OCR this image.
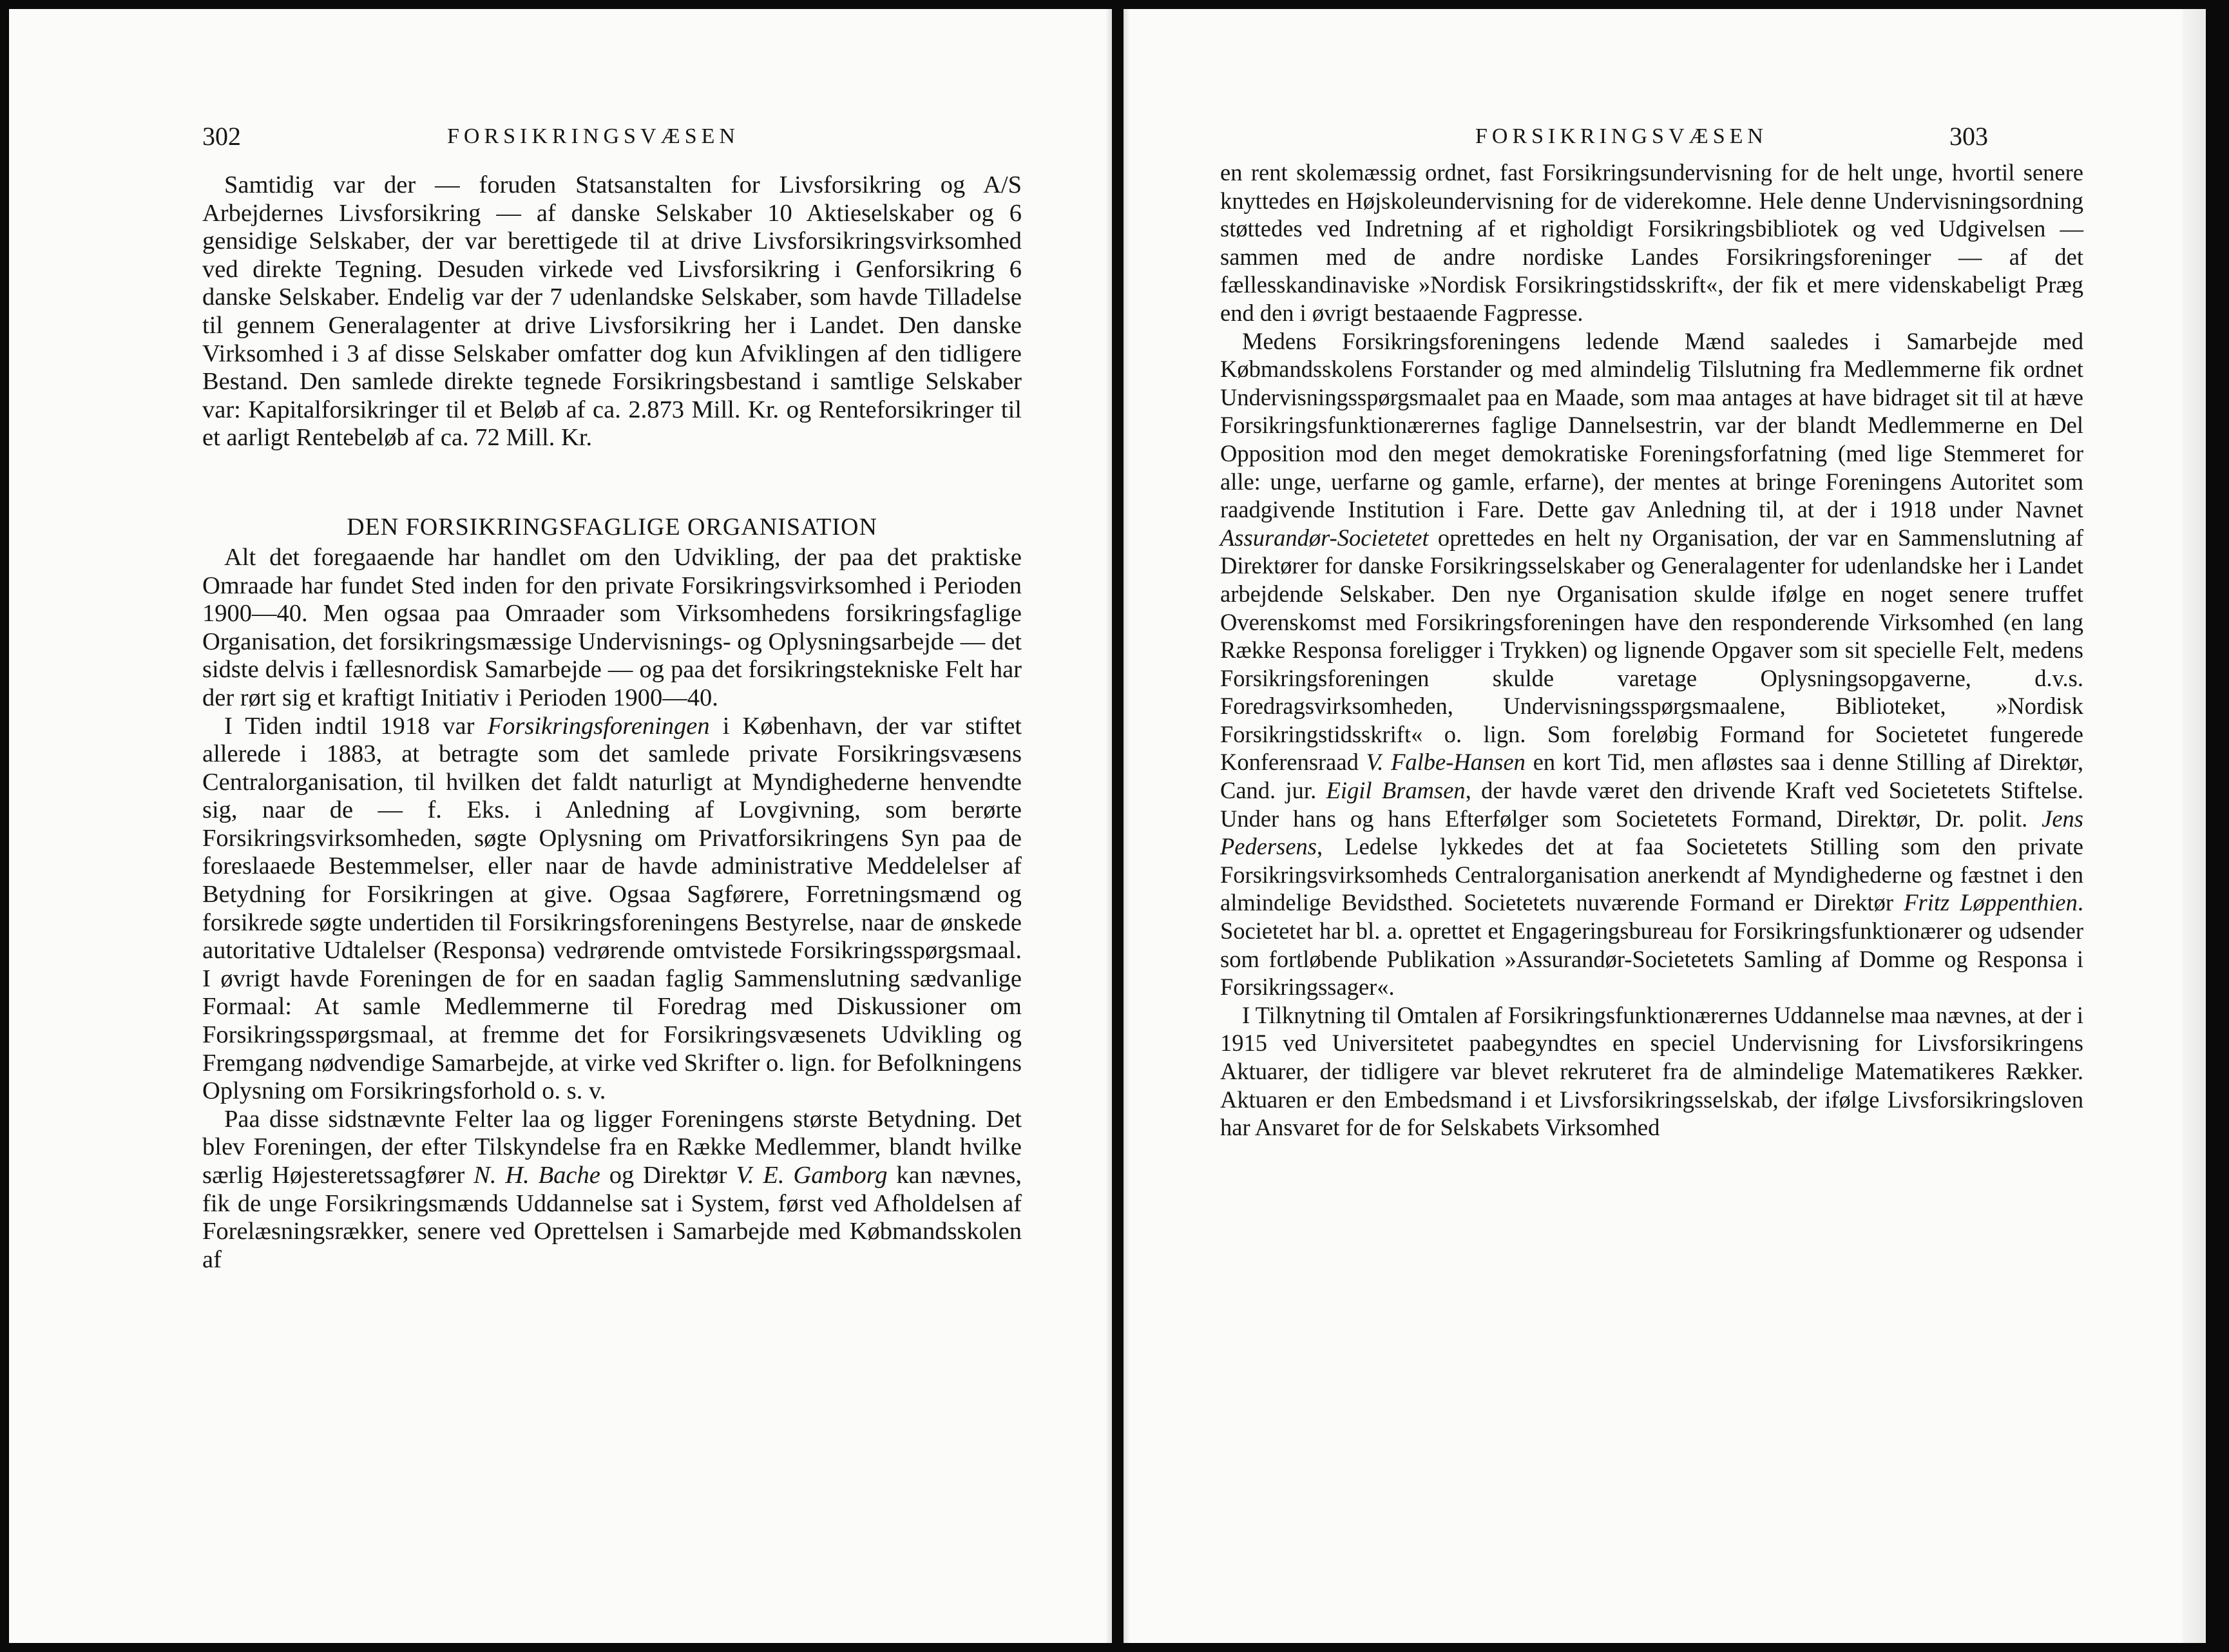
302	FORSIKRINGSVÆSEN

Samtidig var der — foruden Statsanstalten for Livsforsikring og A/S Arbejdernes Livsforsikring — af danske Selskaber 10 Aktieselskaber og 6 gensidige Selskaber, der var berettigede til at drive Livsforsikringsvirksomhed ved direkte Tegning. Desuden virkede ved Livsforsikring i Genforsikring 6 danske Selskaber. Endelig var der 7 udenlandske Selskaber, som havde Tilladelse til gennem Generalagenter at drive Livsforsikring her i Landet. Den danske Virksomhed i 3 af disse Selskaber omfatter dog kun Afviklingen af den tidligere Bestand. Den samlede direkte tegnede Forsikringsbestand i samtlige Selskaber var: Kapitalforsikringer til et Beløb af ca. 2.873 Mill. Kr. og Renteforsikringer til et aarligt Rentebeløb af ca. 72 Mill. Kr.

DEN FORSIKRINGSFAGLIGE ORGANISATION

Alt det foregaaende har handlet om den Udvikling, der paa det praktiske Omraade har fundet Sted inden for den private Forsikringsvirksomhed i Perioden 1900—40. Men ogsaa paa Omraader som Virksomhedens forsikringsfaglige Organisation, det forsikringsmæssige Undervisnings- og Oplysningsarbejde — det sidste delvis i fællesnordisk Samarbejde — og paa det forsikringstekniske Felt har der rørt sig et kraftigt Initiativ i Perioden 1900—40.

I Tiden indtil 1918 var Forsikringsforeningen i København, der var stiftet allerede i 1883, at betragte som det samlede private Forsikringsvæsens Centralorganisation, til hvilken det faldt naturligt at Myndighederne henvendte sig, naar de — f. Eks. i Anledning af Lovgivning, som berørte Forsikringsvirksomheden, søgte Oplysning om Privatforsikringens Syn paa de foreslaaede Bestemmelser, eller naar de havde administrative Meddelelser af Betydning for Forsikringen at give. Ogsaa Sagførere, Forretningsmænd og forsikrede søgte undertiden til Forsikringsforeningens Bestyrelse, naar de ønskede autoritative Udtalelser (Responsa) vedrørende omtvistede Forsikringsspørgsmaal. I øvrigt havde Foreningen de for en saadan faglig Sammenslutning sædvanlige Formaal: At samle Medlemmerne til Foredrag med Diskussioner om Forsikringsspørgsmaal, at fremme det for Forsikringsvæsenets Udvikling og Fremgang nødvendige Samarbejde, at virke ved Skrifter o. lign. for Befolkningens Oplysning om Forsikringsforhold o. s. v.

Paa disse sidstnævnte Felter laa og ligger Foreningens største Betydning. Det blev Foreningen, der efter Tilskyndelse fra en Række Medlemmer, blandt hvilke særlig Højesteretssagfører N. H. Bache og Direktør V. E. Gamborg kan nævnes, fik de unge Forsikringsmænds Uddannelse sat i System, først ved Afholdelsen af Forelæsningsrækker, senere ved Oprettelsen i Samarbejde med Købmandsskolen af

FORSIKRINGSVÆSEN	303

en rent skolemæssig ordnet, fast Forsikringsundervisning for de helt unge, hvortil senere knyttedes en Højskoleundervisning for de viderekomne. Hele denne Undervisningsordning støttedes ved Indretning af et righoldigt Forsikringsbibliotek og ved Udgivelsen — sammen med de andre nordiske Landes Forsikringsforeninger — af det fællesskandinaviske »Nordisk Forsikringstidsskrift«, der fik et mere videnskabeligt Præg end den i øvrigt bestaaende Fagpresse.

Medens Forsikringsforeningens ledende Mænd saaledes i Samarbejde med Købmandsskolens Forstander og med almindelig Tilslutning fra Medlemmerne fik ordnet Undervisningsspørgsmaalet paa en Maade, som maa antages at have bidraget sit til at hæve Forsikringsfunktionærernes faglige Dannelsestrin, var der blandt Medlemmerne en Del Opposition mod den meget demokratiske Foreningsforfatning (med lige Stemmeret for alle: unge, uerfarne og gamle, erfarne), der mentes at bringe Foreningens Autoritet som raadgivende Institution i Fare. Dette gav Anledning til, at der i 1918 under Navnet Assurandør-Societetet oprettedes en helt ny Organisation, der var en Sammenslutning af Direktører for danske Forsikringsselskaber og Generalagenter for udenlandske her i Landet arbejdende Selskaber. Den nye Organisation skulde ifølge en noget senere truffet Overenskomst med Forsikringsforeningen have den responderende Virksomhed (en lang Række Responsa foreligger i Trykken) og lignende Opgaver som sit specielle Felt, medens Forsikringsforeningen skulde varetage Oplysningsopgaverne, d.v.s. Foredragsvirksomheden, Undervisningsspørgsmaalene, Biblioteket, »Nordisk Forsikringstidsskrift« o. lign. Som foreløbig Formand for Societetet fungerede Konferensraad V. Falbe-Hansen en kort Tid, men afløstes saa i denne Stilling af Direktør, Cand. jur. Eigil Bramsen, der havde været den drivende Kraft ved Societetets Stiftelse. Under hans og hans Efterfølger som Societetets Formand, Direktør, Dr. polit. Jens Pedersens, Ledelse lykkedes det at faa Societetets Stilling som den private Forsikringsvirksomheds Centralorganisation anerkendt af Myndighederne og fæstnet i den almindelige Bevidsthed. Societetets nuværende Formand er Direktør Fritz Løppenthien. Societetet har bl. a. oprettet et Engageringsbureau for Forsikringsfunktionærer og udsender som fortløbende Publikation »Assurandør-Societetets Samling af Domme og Responsa i Forsikringssager«.

I Tilknytning til Omtalen af Forsikringsfunktionærernes Uddannelse maa nævnes, at der i 1915 ved Universitetet paabegyndtes en speciel Undervisning for Livsforsikringens Aktuarer, der tidligere var blevet rekruteret fra de almindelige Matematikeres Rækker. Aktuaren er den Embedsmand i et Livsforsikringsselskab, der ifølge Livsforsikringsloven har Ansvaret for de for Selskabets Virksomhed
